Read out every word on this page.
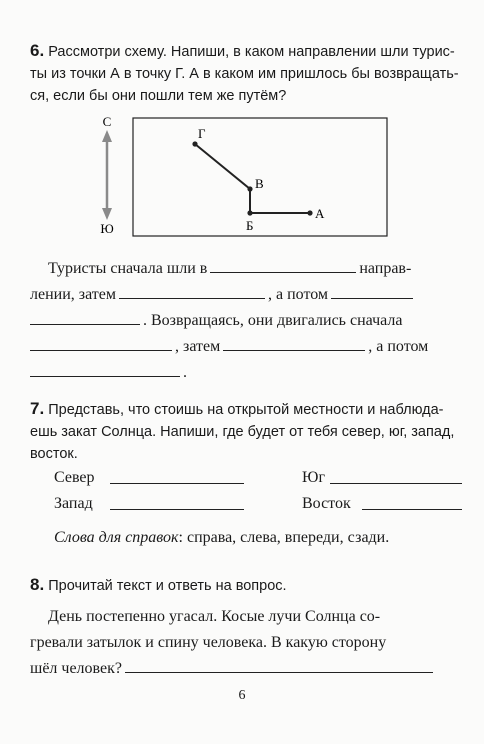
6. Рассмотри схему. Напиши, в каком направлении шли турис-
ты из точки А в точку Г. А в каком им пришлось бы возвращать-
ся, если бы они пошли тем же путём?
С
Ю
Г
В
Б
А
Туристы сначала шли в	направ-
лении, затем	, а потом
. Возвращаясь, они двигались сначала
, затем	, а потом
.
7. Представь, что стоишь на открытой местности и наблюда-
ешь закат Солнца. Напиши, где будет от тебя север, юг, запад,
восток.
Север	Юг
Запад	Восток
Слова для справок: справа, слева, впереди, сзади.
8. Прочитай текст и ответь на вопрос.
День постепенно угасал. Косые лучи Солнца со-
гревали затылок и спину человека. В какую сторону
шёл человек?
6
